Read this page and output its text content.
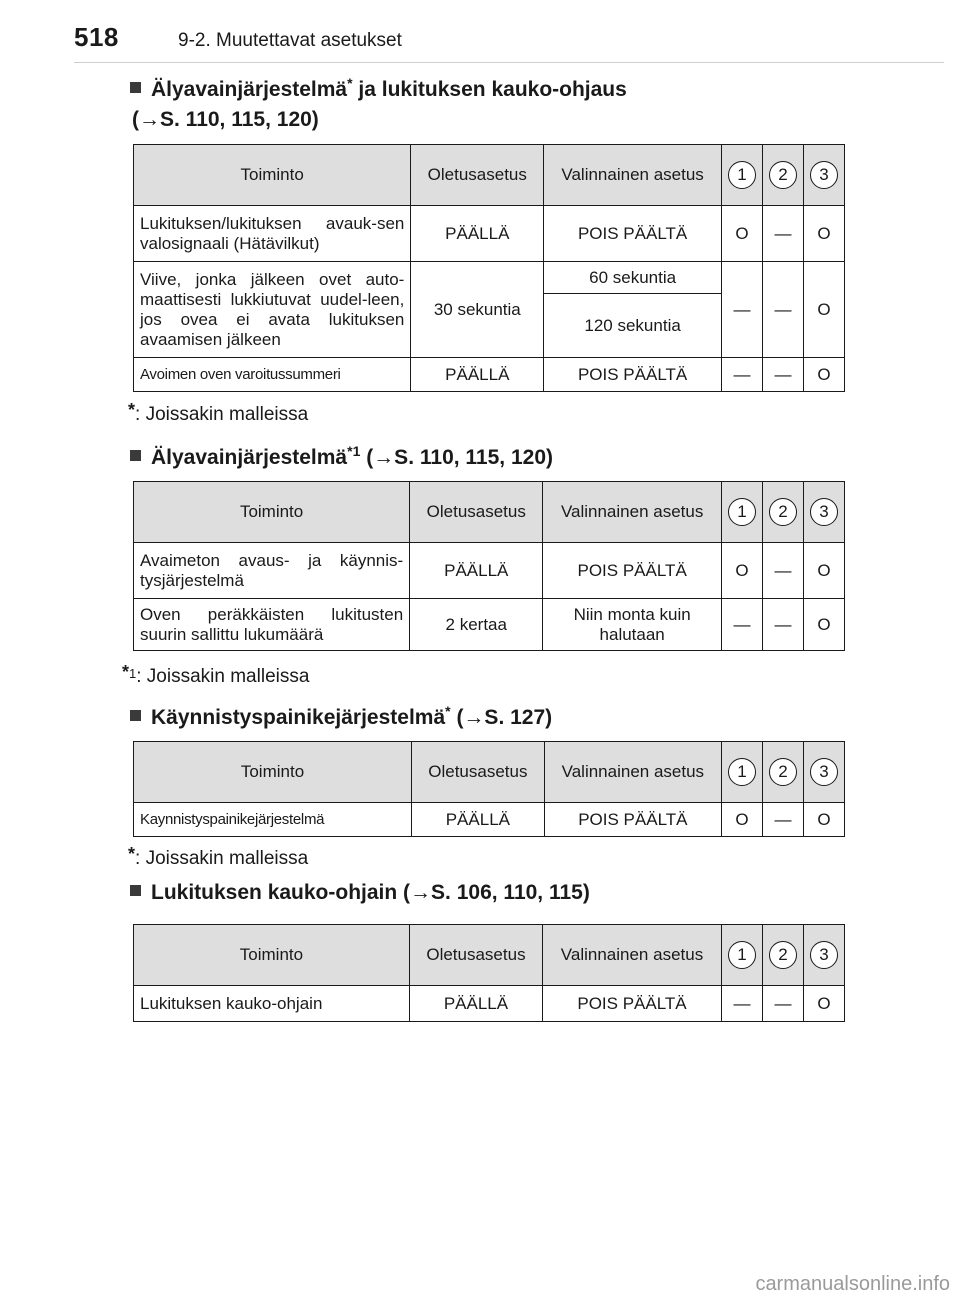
518	9-2. Muutettavat asetukset
Älyavainjärjestelmä* ja lukituksen kauko-ohjaus
(→S. 110, 115, 120)
Toiminto	Oletusasetus	Valinnainen asetus	1	2	3
Lukituksen/lukituksen avauk-sen valosignaali (Hätävilkut)	PÄÄLLÄ	POIS PÄÄLTÄ	O	—	O
Viive, jonka jälkeen ovet auto-maattisesti lukkiutuvat uudel-leen, jos ovea ei avata lukituksen avaamisen jälkeen	30 sekuntia	60 sekuntia	—	—	O
		120 sekuntia			
Avoimen oven varoitussummeri	PÄÄLLÄ	POIS PÄÄLTÄ	—	—	O
*: Joissakin malleissa
Älyavainjärjestelmä$^{*1}$ (→S. 110, 115, 120)
Toiminto	Oletusasetus	Valinnainen asetus	1	2	3
Avaimeton avaus- ja käynnis-tysjärjestelmä	PÄÄLLÄ	POIS PÄÄLTÄ	O	—	O
Oven peräkkäisten lukitusten suurin sallittu lukumäärä	2 kertaa	Niin monta kuin halutaan	—	—	O
$^{*1}$: Joissakin malleissa
Käynnistyspainikejärjestelmä* (→S. 127)
Toiminto	Oletusasetus	Valinnainen asetus	1	2	3
Kaynnistyspainikejärjestelmä	PÄÄLLÄ	POIS PÄÄLTÄ	O	—	O
*: Joissakin malleissa
Lukituksen kauko-ohjain (→S. 106, 110, 115)
Toiminto	Oletusasetus	Valinnainen asetus	1	2	3
Lukituksen kauko-ohjain	PÄÄLLÄ	POIS PÄÄLTÄ	—	—	O
carmanualsonline.info
